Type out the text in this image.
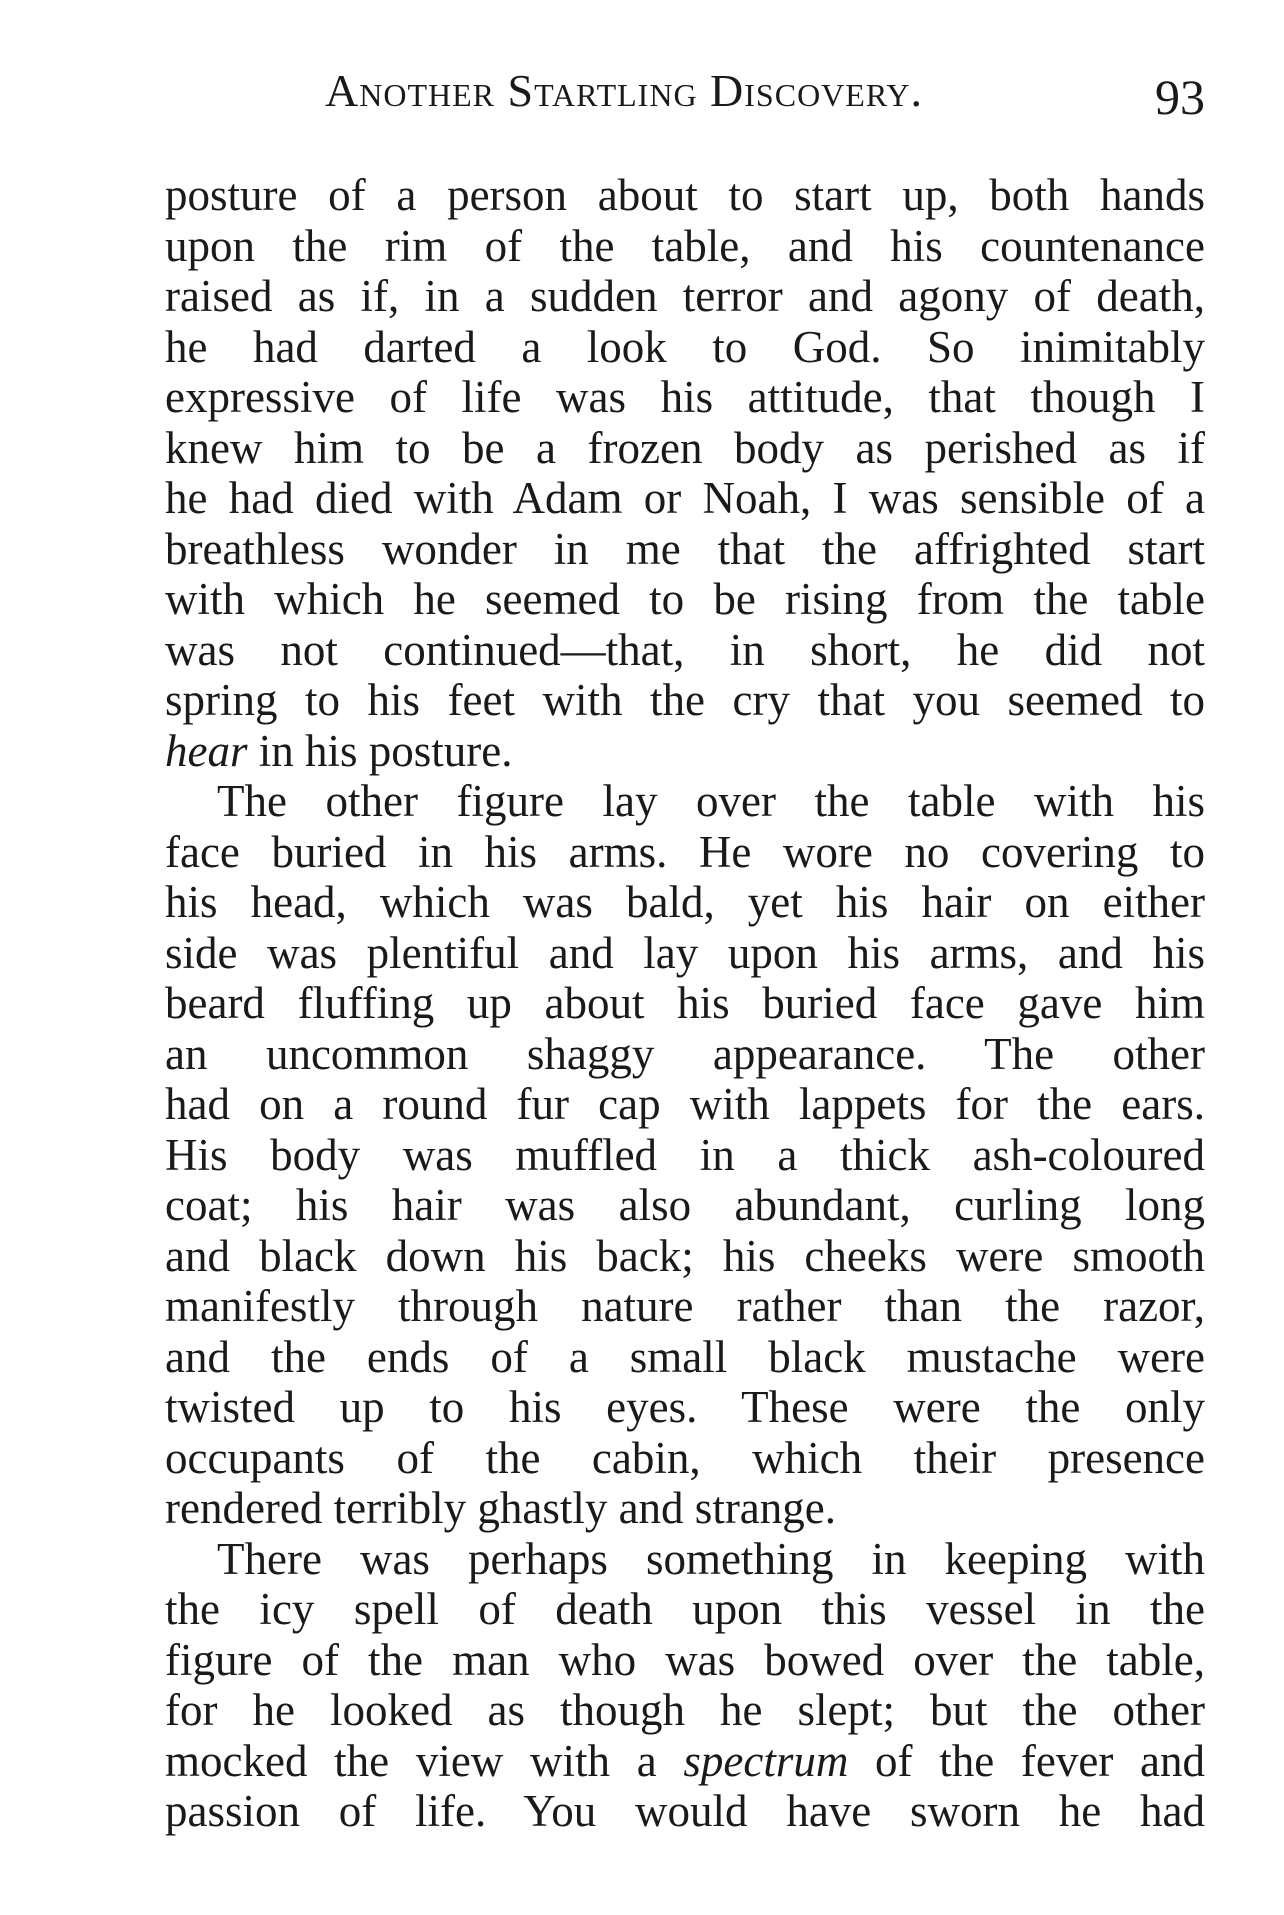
Another Startling Discovery.	93
posture of a person about to start up, both hands
upon the rim of the table, and his countenance
raised as if, in a sudden terror and agony of death,
he had darted a look to God. So inimitably
expressive of life was his attitude, that though I
knew him to be a frozen body as perished as if
he had died with Adam or Noah, I was sensible of a
breathless wonder in me that the affrighted start
with which he seemed to be rising from the table
was not continued—that, in short, he did not
spring to his feet with the cry that you seemed to
hear in his posture.
The other figure lay over the table with his
face buried in his arms. He wore no covering to
his head, which was bald, yet his hair on either
side was plentiful and lay upon his arms, and his
beard fluffing up about his buried face gave him
an uncommon shaggy appearance. The other
had on a round fur cap with lappets for the ears.
His body was muffled in a thick ash-coloured
coat; his hair was also abundant, curling long
and black down his back; his cheeks were smooth
manifestly through nature rather than the razor,
and the ends of a small black mustache were
twisted up to his eyes. These were the only
occupants of the cabin, which their presence
rendered terribly ghastly and strange.
There was perhaps something in keeping with
the icy spell of death upon this vessel in the
figure of the man who was bowed over the table,
for he looked as though he slept; but the other
mocked the view with a spectrum of the fever and
passion of life. You would have sworn he had
